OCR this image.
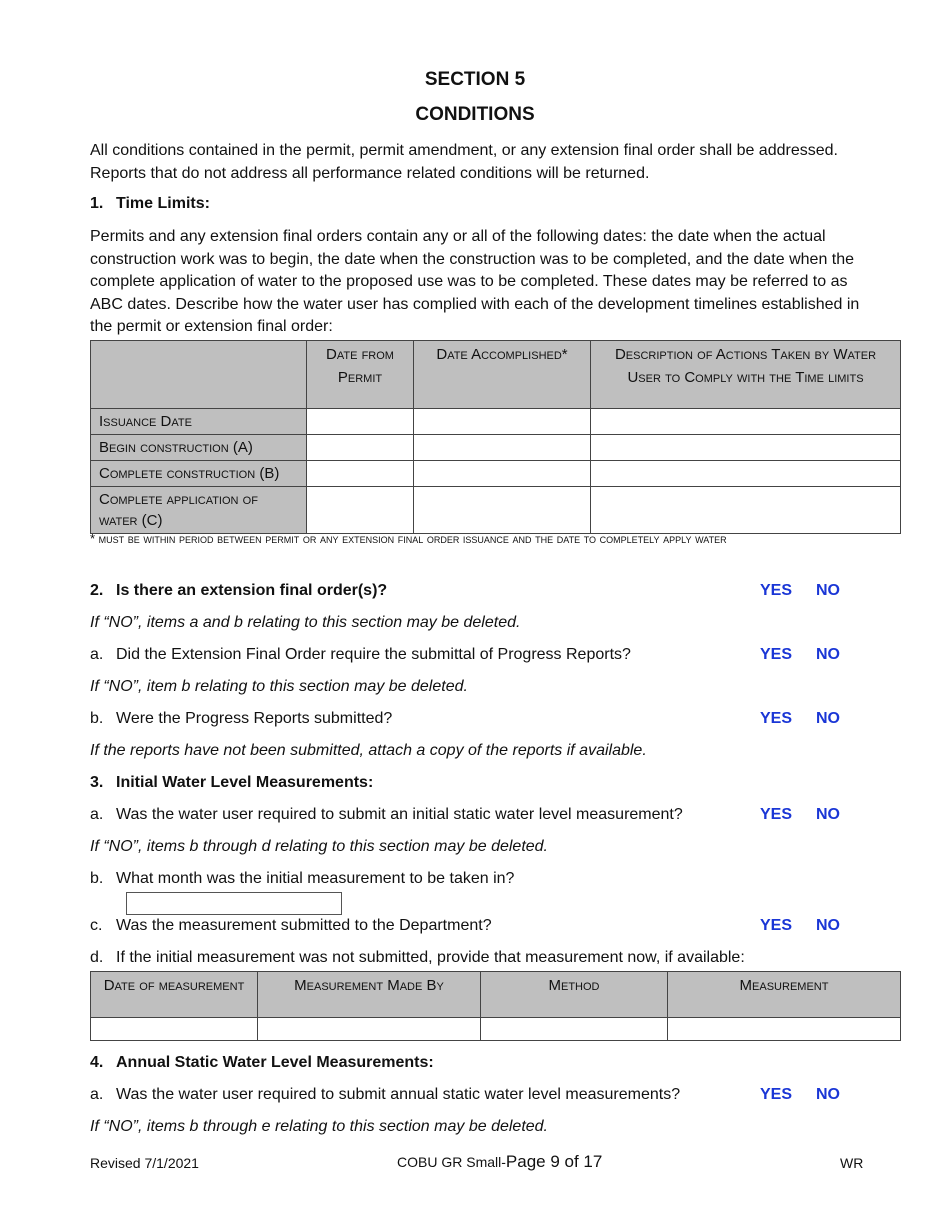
SECTION 5
CONDITIONS
All conditions contained in the permit, permit amendment, or any extension final order shall be addressed. Reports that do not address all performance related conditions will be returned.
1. Time Limits:
Permits and any extension final orders contain any or all of the following dates: the date when the actual construction work was to begin, the date when the construction was to be completed, and the date when the complete application of water to the proposed use was to be completed. These dates may be referred to as ABC dates. Describe how the water user has complied with each of the development timelines established in the permit or extension final order:
	Date from Permit	Date Accomplished*	Description of Actions Taken by Water User to Comply with the Time limits
Issuance Date			
Begin construction (A)			
Complete construction (B)			
Complete application of water (C)			
* must be within period between permit or any extension final order issuance and the date to completely apply water
2. Is there an extension final order(s)?	YES NO
If “NO”, items a and b relating to this section may be deleted.
a. Did the Extension Final Order require the submittal of Progress Reports?	YES NO
If “NO”, item b relating to this section may be deleted.
b. Were the Progress Reports submitted?	YES NO
If the reports have not been submitted, attach a copy of the reports if available.
3. Initial Water Level Measurements:
a. Was the water user required to submit an initial static water level measurement?	YES NO
If “NO”, items b through d relating to this section may be deleted.
b. What month was the initial measurement to be taken in?
c. Was the measurement submitted to the Department?	YES NO
d. If the initial measurement was not submitted, provide that measurement now, if available:
Date of measurement	Measurement Made By	Method	Measurement

4. Annual Static Water Level Measurements:
a. Was the water user required to submit annual static water level measurements?	YES NO
If “NO”, items b through e relating to this section may be deleted.
Revised 7/1/2021	COBU GR Small-Page 9 of 17	WR
